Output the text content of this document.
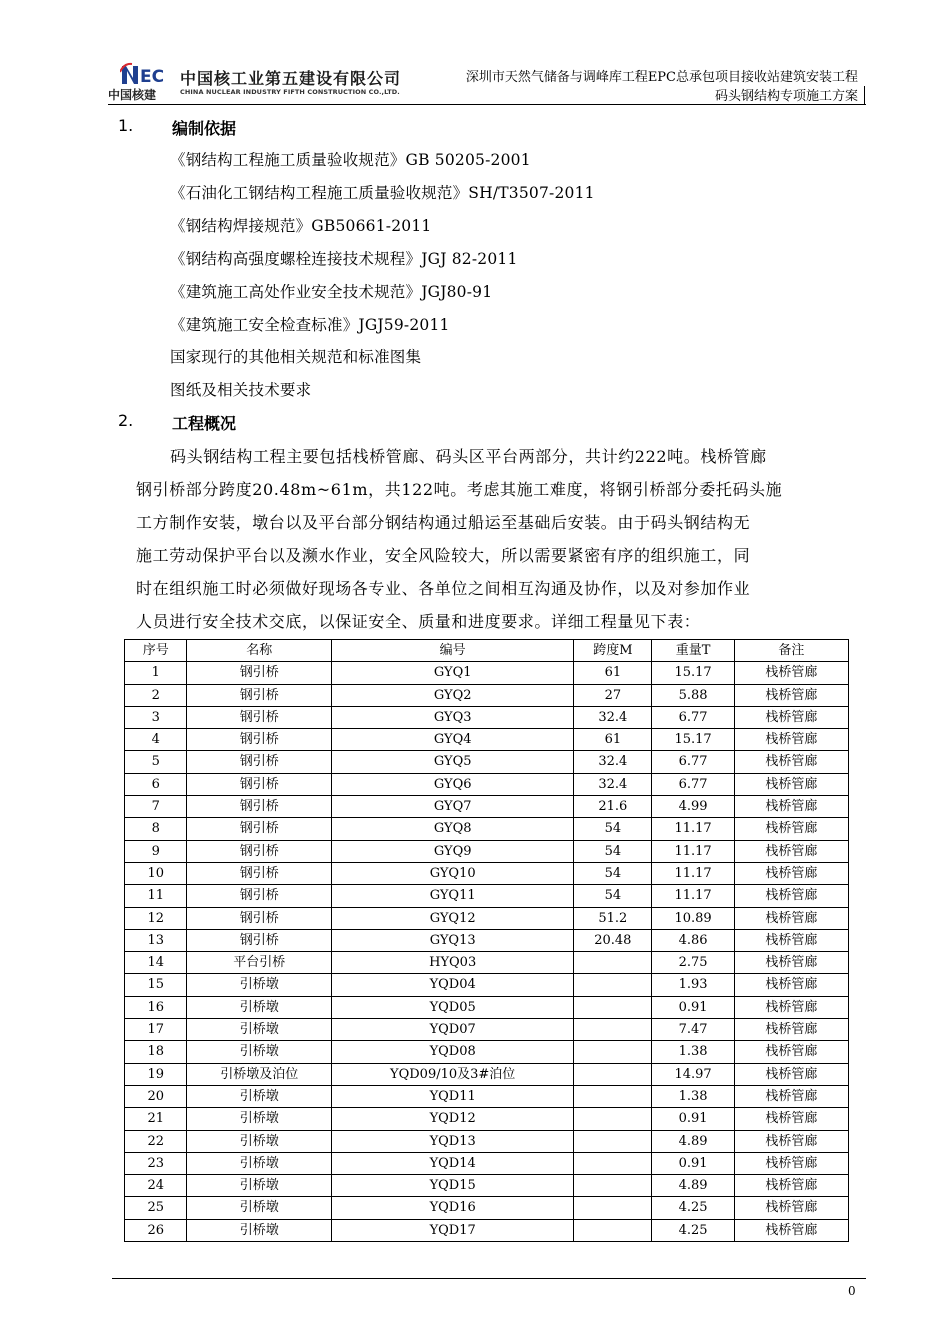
EC
中国核建
中国核工业第五建设有限公司
CHINA NUCLEAR INDUSTRY FIFTH CONSTRUCTION CO.,LTD.
深圳市天然气储备与调峰库工程EPC总承包项目接收站建筑安装工程
码头钢结构专项施工方案
1. 编制依据
《钢结构工程施工质量验收规范》GB 50205-2001
《石油化工钢结构工程施工质量验收规范》SH/T3507-2011
《钢结构焊接规范》GB50661-2011
《钢结构高强度螺栓连接技术规程》JGJ 82-2011
《建筑施工高处作业安全技术规范》JGJ80-91
《建筑施工安全检查标准》JGJ59-2011
国家现行的其他相关规范和标准图集
图纸及相关技术要求
2. 工程概况
码头钢结构工程主要包括栈桥管廊、码头区平台两部分，共计约222吨。栈桥管廊
钢引桥部分跨度20.48m~61m，共122吨。考虑其施工难度，将钢引桥部分委托码头施
工方制作安装，墩台以及平台部分钢结构通过船运至基础后安装。由于码头钢结构无
施工劳动保护平台以及濒水作业，安全风险较大，所以需要紧密有序的组织施工，同
时在组织施工时必须做好现场各专业、各单位之间相互沟通及协作，以及对参加作业
人员进行安全技术交底，以保证安全、质量和进度要求。详细工程量见下表：
序号	名称	编号	跨度M	重量T	备注
1	钢引桥	GYQ1	61	15.17	栈桥管廊
2	钢引桥	GYQ2	27	5.88	栈桥管廊
3	钢引桥	GYQ3	32.4	6.77	栈桥管廊
4	钢引桥	GYQ4	61	15.17	栈桥管廊
5	钢引桥	GYQ5	32.4	6.77	栈桥管廊
6	钢引桥	GYQ6	32.4	6.77	栈桥管廊
7	钢引桥	GYQ7	21.6	4.99	栈桥管廊
8	钢引桥	GYQ8	54	11.17	栈桥管廊
9	钢引桥	GYQ9	54	11.17	栈桥管廊
10	钢引桥	GYQ10	54	11.17	栈桥管廊
11	钢引桥	GYQ11	54	11.17	栈桥管廊
12	钢引桥	GYQ12	51.2	10.89	栈桥管廊
13	钢引桥	GYQ13	20.48	4.86	栈桥管廊
14	平台引桥	HYQ03		2.75	栈桥管廊
15	引桥墩	YQD04		1.93	栈桥管廊
16	引桥墩	YQD05		0.91	栈桥管廊
17	引桥墩	YQD07		7.47	栈桥管廊
18	引桥墩	YQD08		1.38	栈桥管廊
19	引桥墩及泊位	YQD09/10及3#泊位		14.97	栈桥管廊
20	引桥墩	YQD11		1.38	栈桥管廊
21	引桥墩	YQD12		0.91	栈桥管廊
22	引桥墩	YQD13		4.89	栈桥管廊
23	引桥墩	YQD14		0.91	栈桥管廊
24	引桥墩	YQD15		4.89	栈桥管廊
25	引桥墩	YQD16		4.25	栈桥管廊
26	引桥墩	YQD17		4.25	栈桥管廊
0
